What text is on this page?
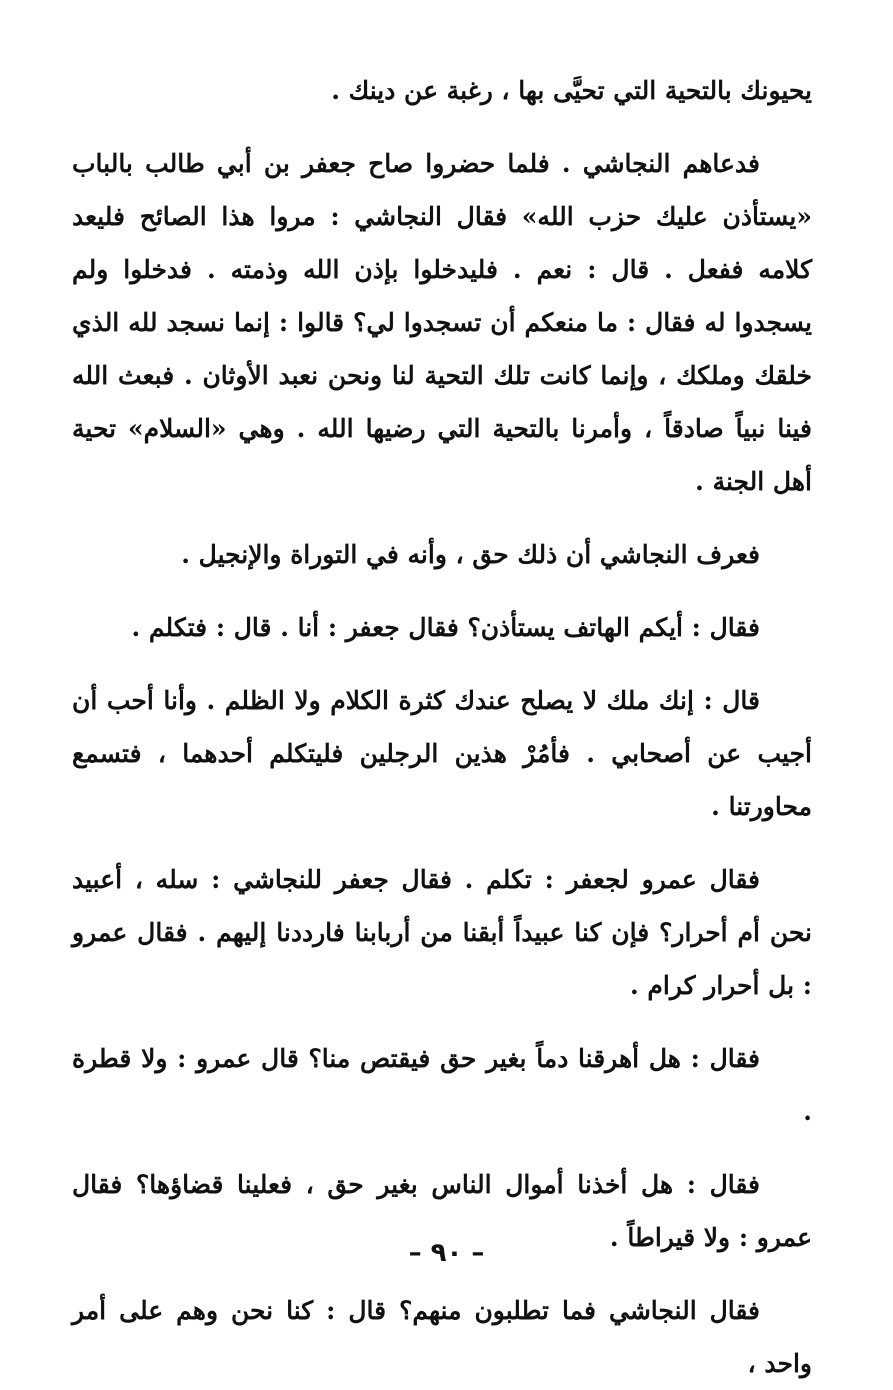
يحيونك بالتحية التي تحيَّى بها ، رغبة عن دينك .

فدعاهم النجاشي . فلما حضروا صاح جعفر بن أبي طالب بالباب «يستأذن عليك حزب الله» فقال النجاشي : مروا هذا الصائح فليعد كلامه ففعل . قال : نعم . فليدخلوا بإذن الله وذمته . فدخلوا ولم يسجدوا له فقال : ما منعكم أن تسجدوا لي؟ قالوا : إنما نسجد لله الذي خلقك وملكك ، وإنما كانت تلك التحية لنا ونحن نعبد الأوثان . فبعث الله فينا نبياً صادقاً ، وأمرنا بالتحية التي رضيها الله . وهي «السلام» تحية أهل الجنة .

فعرف النجاشي أن ذلك حق ، وأنه في التوراة والإنجيل .

فقال : أيكم الهاتف يستأذن؟ فقال جعفر : أنا . قال : فتكلم .

قال : إنك ملك لا يصلح عندك كثرة الكلام ولا الظلم . وأنا أحب أن أجيب عن أصحابي . فأمُرْ هذين الرجلين فليتكلم أحدهما ، فتسمع محاورتنا .

فقال عمرو لجعفر : تكلم . فقال جعفر للنجاشي : سله ، أعبيد نحن أم أحرار؟ فإن كنا عبيداً أبقنا من أربابنا فارددنا إليهم . فقال عمرو : بل أحرار كرام .

فقال : هل أهرقنا دماً بغير حق فيقتص منا؟ قال عمرو : ولا قطرة .

فقال : هل أخذنا أموال الناس بغير حق ، فعلينا قضاؤها؟ فقال عمرو : ولا قيراطاً .

فقال النجاشي فما تطلبون منهم؟ قال : كنا نحن وهم على أمر واحد ،

– ٩٠ –
